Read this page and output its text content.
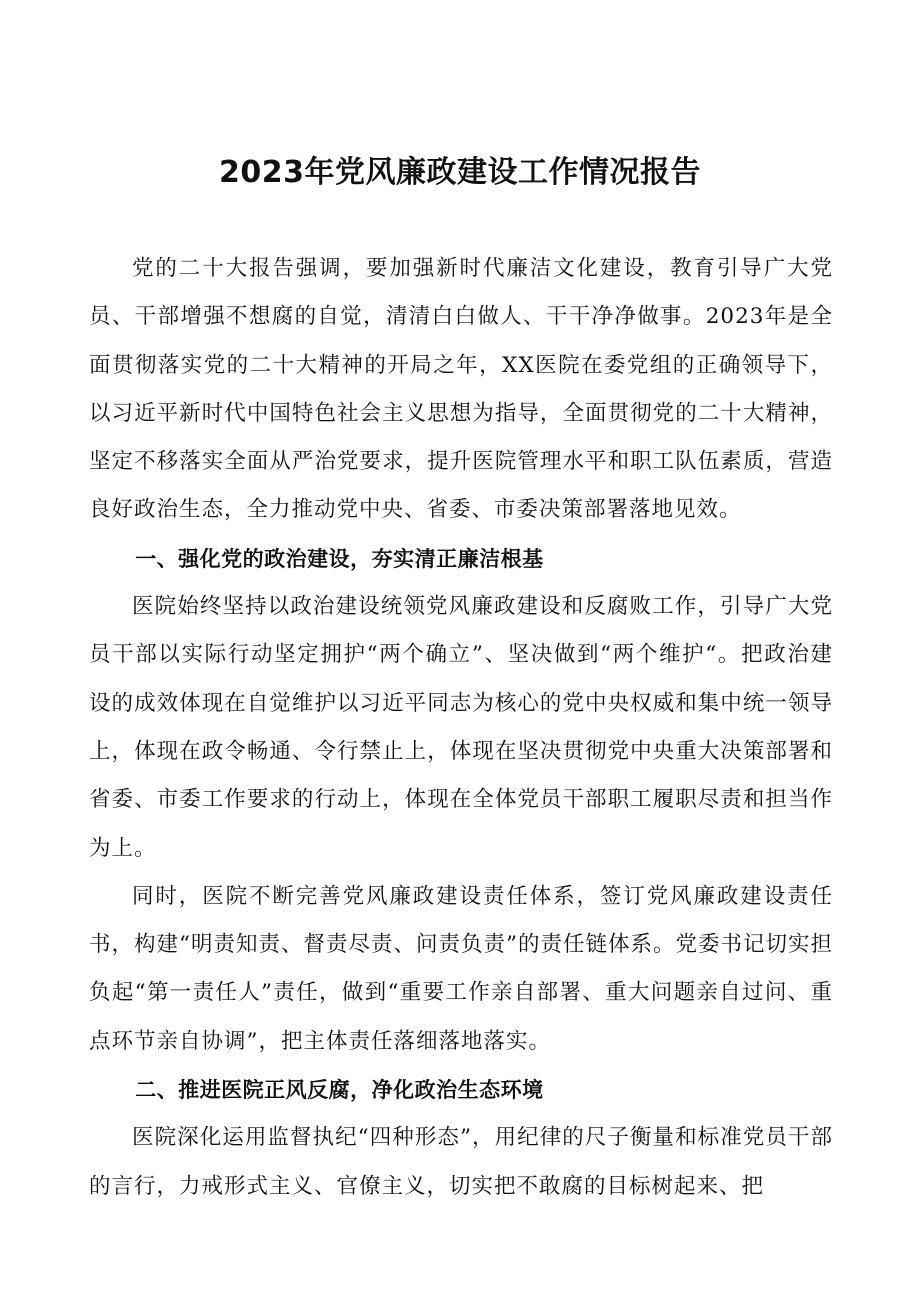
2023年党风廉政建设工作情况报告

党的二十大报告强调，要加强新时代廉洁文化建设，教育引导广大党员、干部增强不想腐的自觉，清清白白做人、干干净净做事。2023年是全面贯彻落实党的二十大精神的开局之年，XX医院在委党组的正确领导下，以习近平新时代中国特色社会主义思想为指导，全面贯彻党的二十大精神，坚定不移落实全面从严治党要求，提升医院管理水平和职工队伍素质，营造良好政治生态，全力推动党中央、省委、市委决策部署落地见效。

一、强化党的政治建设，夯实清正廉洁根基

医院始终坚持以政治建设统领党风廉政建设和反腐败工作，引导广大党员干部以实际行动坚定拥护“两个确立”、坚决做到“两个维护“。把政治建设的成效体现在自觉维护以习近平同志为核心的党中央权威和集中统一领导上，体现在政令畅通、令行禁止上，体现在坚决贯彻党中央重大决策部署和省委、市委工作要求的行动上，体现在全体党员干部职工履职尽责和担当作为上。

同时，医院不断完善党风廉政建设责任体系，签订党风廉政建设责任书，构建“明责知责、督责尽责、问责负责”的责任链体系。党委书记切实担负起“第一责任人”责任，做到“重要工作亲自部署、重大问题亲自过问、重点环节亲自协调”，把主体责任落细落地落实。

二、推进医院正风反腐，净化政治生态环境

医院深化运用监督执纪“四种形态”，用纪律的尺子衡量和标准党员干部的言行，力戒形式主义、官僚主义，切实把不敢腐的目标树起来、把
